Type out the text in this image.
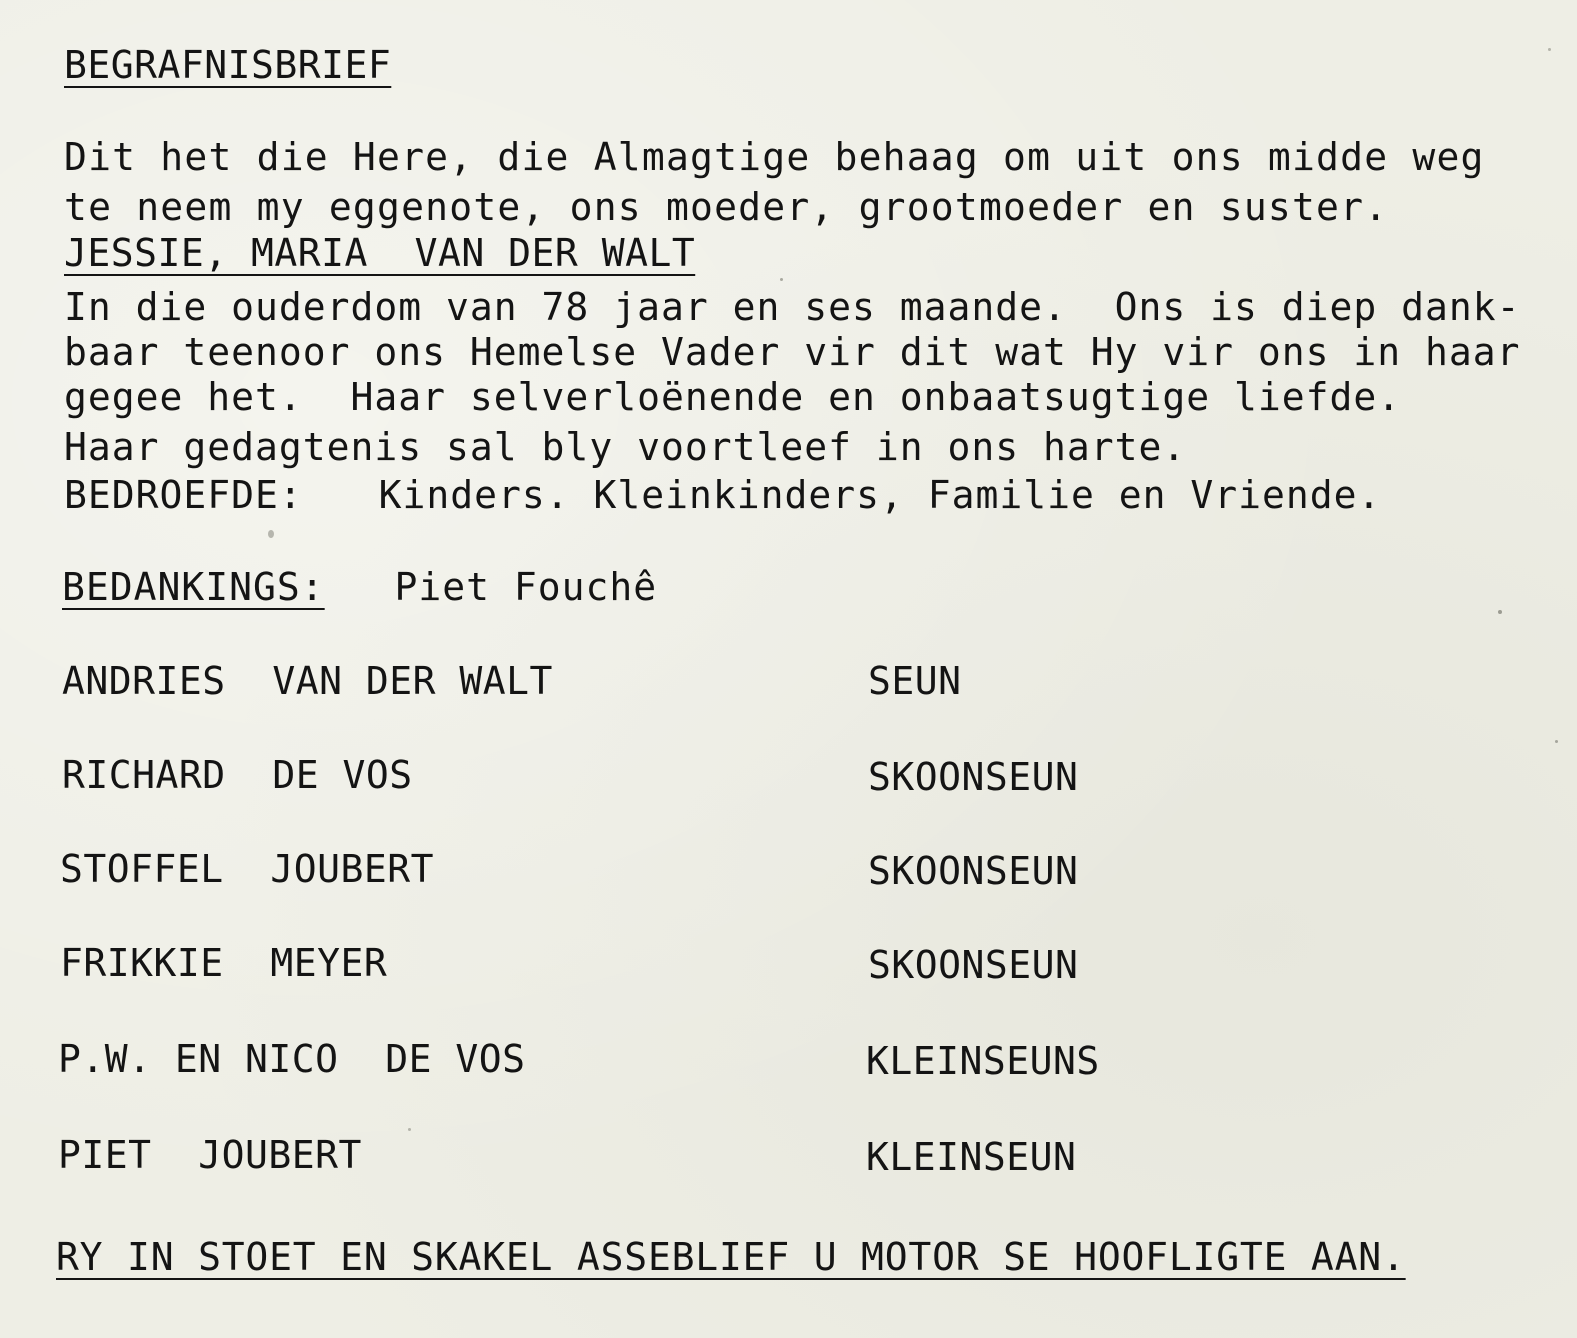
BEGRAFNISBRIEF
Dit het die Here, die Almagtige behaag om uit ons midde weg
te neem my eggenote, ons moeder, grootmoeder en suster.
JESSIE, MARIA  VAN DER WALT
In die ouderdom van 78 jaar en ses maande.  Ons is diep dank-
baar teenoor ons Hemelse Vader vir dit wat Hy vir ons in haar
gegee het.  Haar selverloënende en onbaatsugtige liefde.
Haar gedagtenis sal bly voortleef in ons harte.
BEDROEFDE: Kinders. Kleinkinders, Familie en Vriende.
BEDANKINGS: Piet Fouchê
ANDRIES  VAN DER WALT	SEUN
RICHARD  DE VOS	SKOONSEUN
STOFFEL  JOUBERT	SKOONSEUN
FRIKKIE  MEYER	SKOONSEUN
P.W. EN NICO  DE VOS	KLEINSEUNS
PIET  JOUBERT	KLEINSEUN
RY IN STOET EN SKAKEL ASSEBLIEF U MOTOR SE HOOFLIGTE AAN.
